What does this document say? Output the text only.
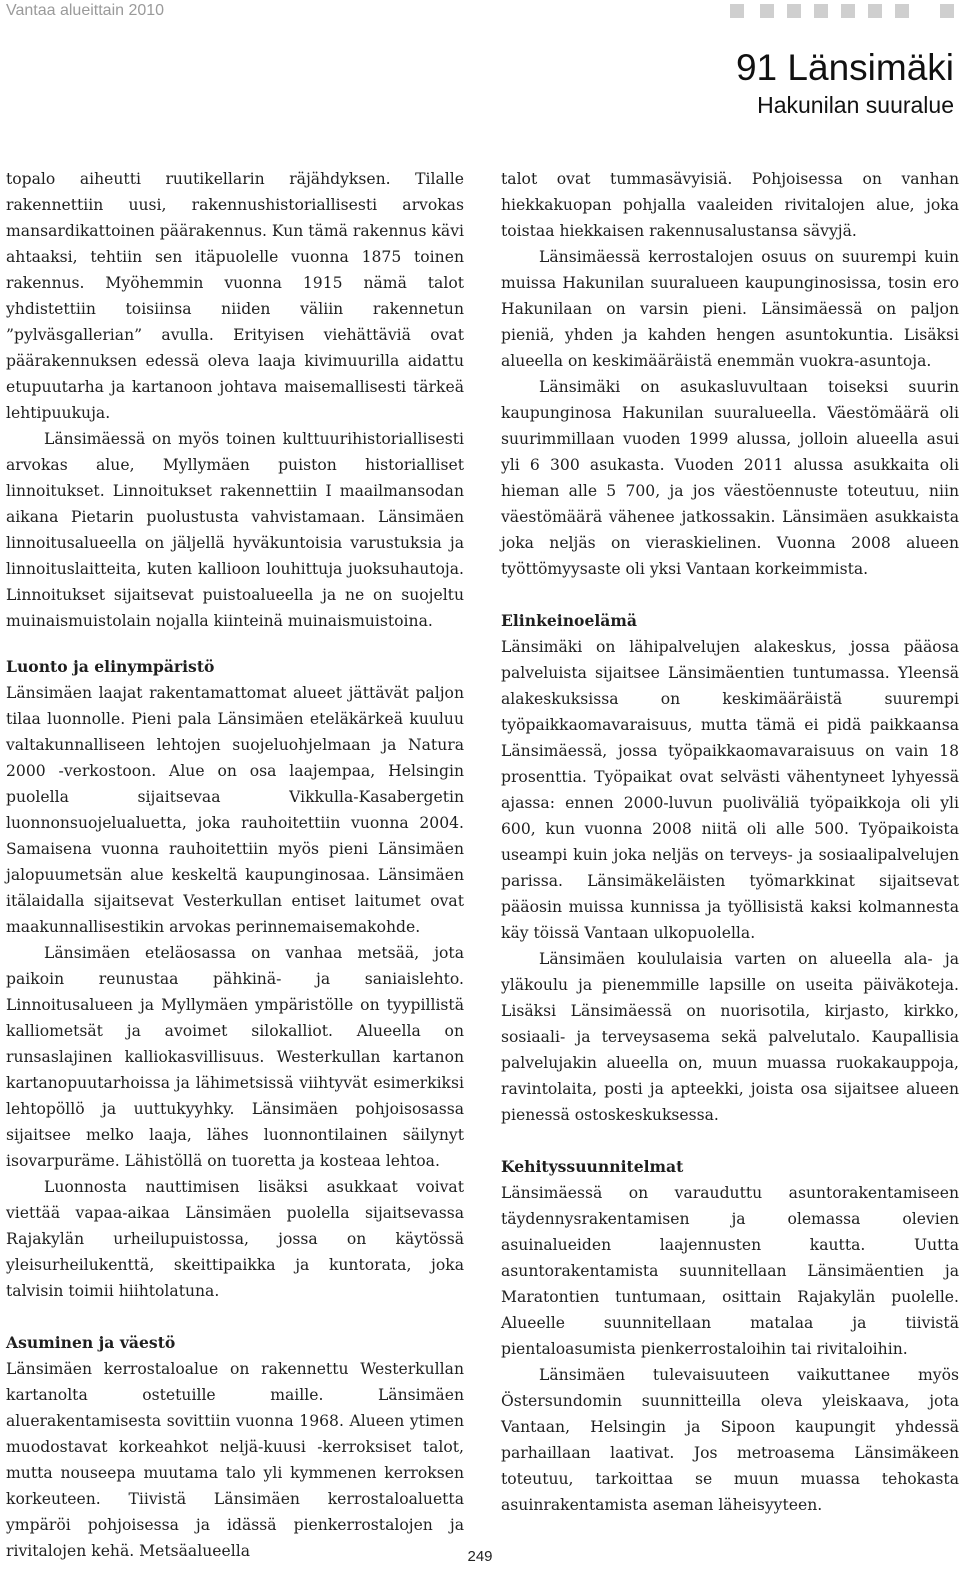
Vantaa alueittain 2010
91 Länsimäki
Hakunilan suuralue

topalo aiheutti ruutikellarin räjähdyksen. Tilalle rakennettiin uusi, rakennushistoriallisesti arvokas mansardikattoinen päärakennus. Kun tämä rakennus kävi ahtaaksi, tehtiin sen itäpuolelle vuonna 1875 toinen rakennus. Myöhemmin vuonna 1915 nämä talot yhdistettiin toisiinsa niiden väliin rakennetun ”pylväsgallerian” avulla. Erityisen viehättäviä ovat päärakennuksen edessä oleva laaja kivimuurilla aidattu etupuutarha ja kartanoon johtava maisemallisesti tärkeä lehtipuukuja.

Länsimäessä on myös toinen kulttuurihistoriallisesti arvokas alue, Myllymäen puiston historialliset linnoitukset. Linnoitukset rakennettiin I maailmansodan aikana Pietarin puolustusta vahvistamaan. Länsimäen linnoitusalueella on jäljellä hyväkuntoisia varustuksia ja linnoituslaitteita, kuten kallioon louhittuja juoksuhautoja. Linnoitukset sijaitsevat puistoalueella ja ne on suojeltu muinaismuistolain nojalla kiinteinä muinaismuistoina.

Luonto ja elinympäristö

Länsimäen laajat rakentamattomat alueet jättävät paljon tilaa luonnolle. Pieni pala Länsimäen eteläkärkeä kuuluu valtakunnalliseen lehtojen suojeluohjelmaan ja Natura 2000 -verkostoon. Alue on osa laajempaa, Helsingin puolella sijaitsevaa Vikkulla-Kasabergetin luonnonsuojelualuetta, joka rauhoitettiin vuonna 2004. Samaisena vuonna rauhoitettiin myös pieni Länsimäen jalopuumetsän alue keskeltä kaupunginosaa. Länsimäen itälaidalla sijaitsevat Vesterkullan entiset laitumet ovat maakunnallisestikin arvokas perinnemaisemakohde.

Länsimäen eteläosassa on vanhaa metsää, jota paikoin reunustaa pähkinä- ja saniaislehto. Linnoitusalueen ja Myllymäen ympäristölle on tyypillistä kalliometsät ja avoimet silokalliot. Alueella on runsaslajinen kalliokasvillisuus. Westerkullan kartanon kartanopuutarhoissa ja lähimetsissä viihtyvät esimerkiksi lehtopöllö ja uuttukyyhky. Länsimäen pohjoisosassa sijaitsee melko laaja, lähes luonnontilainen säilynyt isovarpuräme. Lähistöllä on tuoretta ja kosteaa lehtoa.

Luonnosta nauttimisen lisäksi asukkaat voivat viettää vapaa-aikaa Länsimäen puolella sijaitsevassa Rajakylän urheilupuistossa, jossa on käytössä yleisurheilukenttä, skeittipaikka ja kuntorata, joka talvisin toimii hiihtolatuna.

Asuminen ja väestö

Länsimäen kerrostaloalue on rakennettu Westerkullan kartanolta ostetuille maille. Länsimäen aluerakentamisesta sovittiin vuonna 1968. Alueen ytimen muodostavat korkeahkot neljä-kuusi -kerroksiset talot, mutta nouseepa muutama talo yli kymmenen kerroksen korkeuteen. Tiivistä Länsimäen kerrostaloaluetta ympäröi pohjoisessa ja idässä pienkerrostalojen ja rivitalojen kehä. Metsäalueella

talot ovat tummasävyisiä. Pohjoisessa on vanhan hiekkakuopan pohjalla vaaleiden rivitalojen alue, joka toistaa hiekkaisen rakennusalustansa sävyjä.

Länsimäessä kerrostalojen osuus on suurempi kuin muissa Hakunilan suuralueen kaupunginosissa, tosin ero Hakunilaan on varsin pieni. Länsimäessä on paljon pieniä, yhden ja kahden hengen asuntokuntia. Lisäksi alueella on keskimääräistä enemmän vuokra-asuntoja.

Länsimäki on asukasluvultaan toiseksi suurin kaupunginosa Hakunilan suuralueella. Väestömäärä oli suurimmillaan vuoden 1999 alussa, jolloin alueella asui yli 6 300 asukasta. Vuoden 2011 alussa asukkaita oli hieman alle 5 700, ja jos väestöennuste toteutuu, niin väestömäärä vähenee jatkossakin. Länsimäen asukkaista joka neljäs on vieraskielinen. Vuonna 2008 alueen työttömyysaste oli yksi Vantaan korkeimmista.

Elinkeinoelämä

Länsimäki on lähipalvelujen alakeskus, jossa pääosa palveluista sijaitsee Länsimäentien tuntumassa. Yleensä alakeskuksissa on keskimääräistä suurempi työpaikkaomavaraisuus, mutta tämä ei pidä paikkaansa Länsimäessä, jossa työpaikkaomavaraisuus on vain 18 prosenttia. Työpaikat ovat selvästi vähentyneet lyhyessä ajassa: ennen 2000-luvun puoliväliä työpaikkoja oli yli 600, kun vuonna 2008 niitä oli alle 500. Työpaikoista useampi kuin joka neljäs on terveys- ja sosiaalipalvelujen parissa. Länsimäkeläisten työmarkkinat sijaitsevat pääosin muissa kunnissa ja työllisistä kaksi kolmannesta käy töissä Vantaan ulkopuolella.

Länsimäen koululaisia varten on alueella ala- ja yläkoulu ja pienemmille lapsille on useita päiväkoteja. Lisäksi Länsimäessä on nuorisotila, kirjasto, kirkko, sosiaali- ja terveysasema sekä palvelutalo. Kaupallisia palvelujakin alueella on, muun muassa ruokakauppoja, ravintolaita, posti ja apteekki, joista osa sijaitsee alueen pienessä ostoskeskuksessa.

Kehityssuunnitelmat

Länsimäessä on varauduttu asuntorakentamiseen täydennysrakentamisen ja olemassa olevien asuinalueiden laajennusten kautta. Uutta asuntorakentamista suunnitellaan Länsimäentien ja Maratontien tuntumaan, osittain Rajakylän puolelle. Alueelle suunnitellaan matalaa ja tiivistä pientaloasumista pienkerrostaloihin tai rivitaloihin.

Länsimäen tulevaisuuteen vaikuttanee myös Östersundomin suunnitteilla oleva yleiskaava, jota Vantaan, Helsingin ja Sipoon kaupungit yhdessä parhaillaan laativat. Jos metroasema Länsimäkeen toteutuu, tarkoittaa se muun muassa tehokasta asuinrakentamista aseman läheisyyteen.

249
